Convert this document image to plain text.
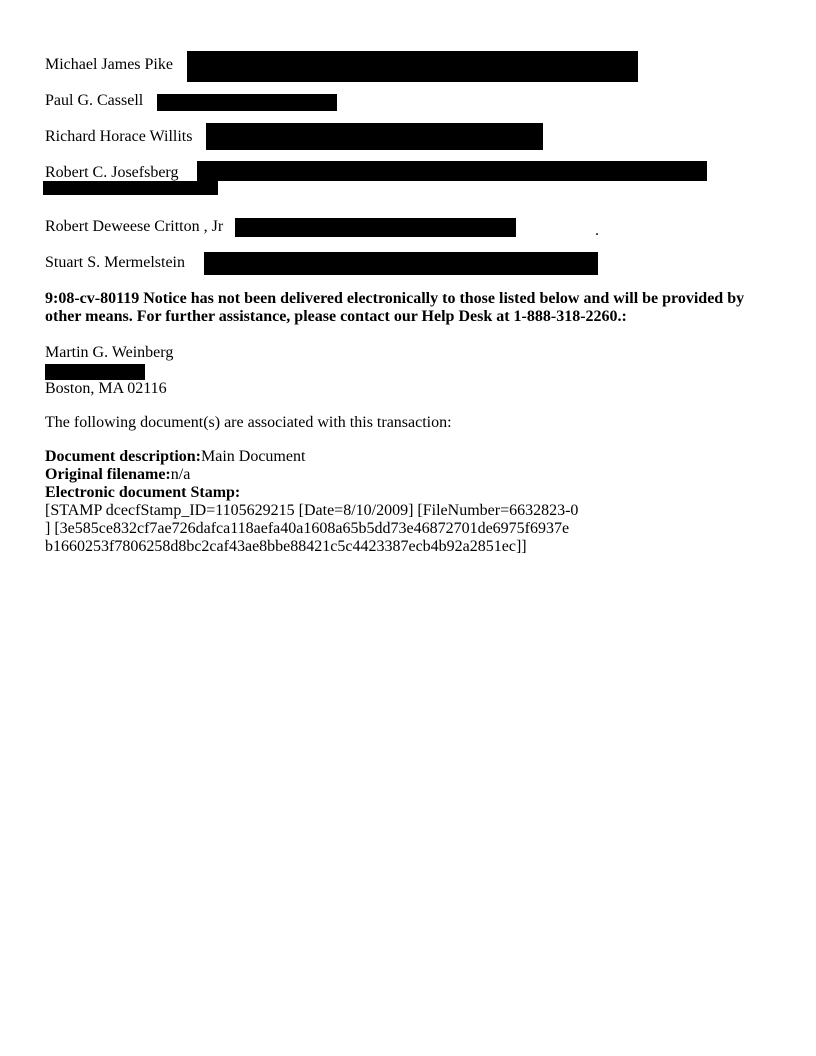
Michael James Pike
Paul G. Cassell
Richard Horace Willits
Robert C. Josefsberg
Robert Deweese Critton , Jr	.
Stuart S. Mermelstein
9:08-cv-80119 Notice has not been delivered electronically to those listed below and will be provided by
other means. For further assistance, please contact our Help Desk at 1-888-318-2260.:
Martin G. Weinberg
Boston, MA 02116
The following document(s) are associated with this transaction:
Document description:Main Document
Original filename:n/a
Electronic document Stamp:
[STAMP dcecfStamp_ID=1105629215 [Date=8/10/2009] [FileNumber=6632823-0
] [3e585ce832cf7ae726dafca118aefa40a1608a65b5dd73e46872701de6975f6937e
b1660253f7806258d8bc2caf43ae8bbe88421c5c4423387ecb4b92a2851ec]]
